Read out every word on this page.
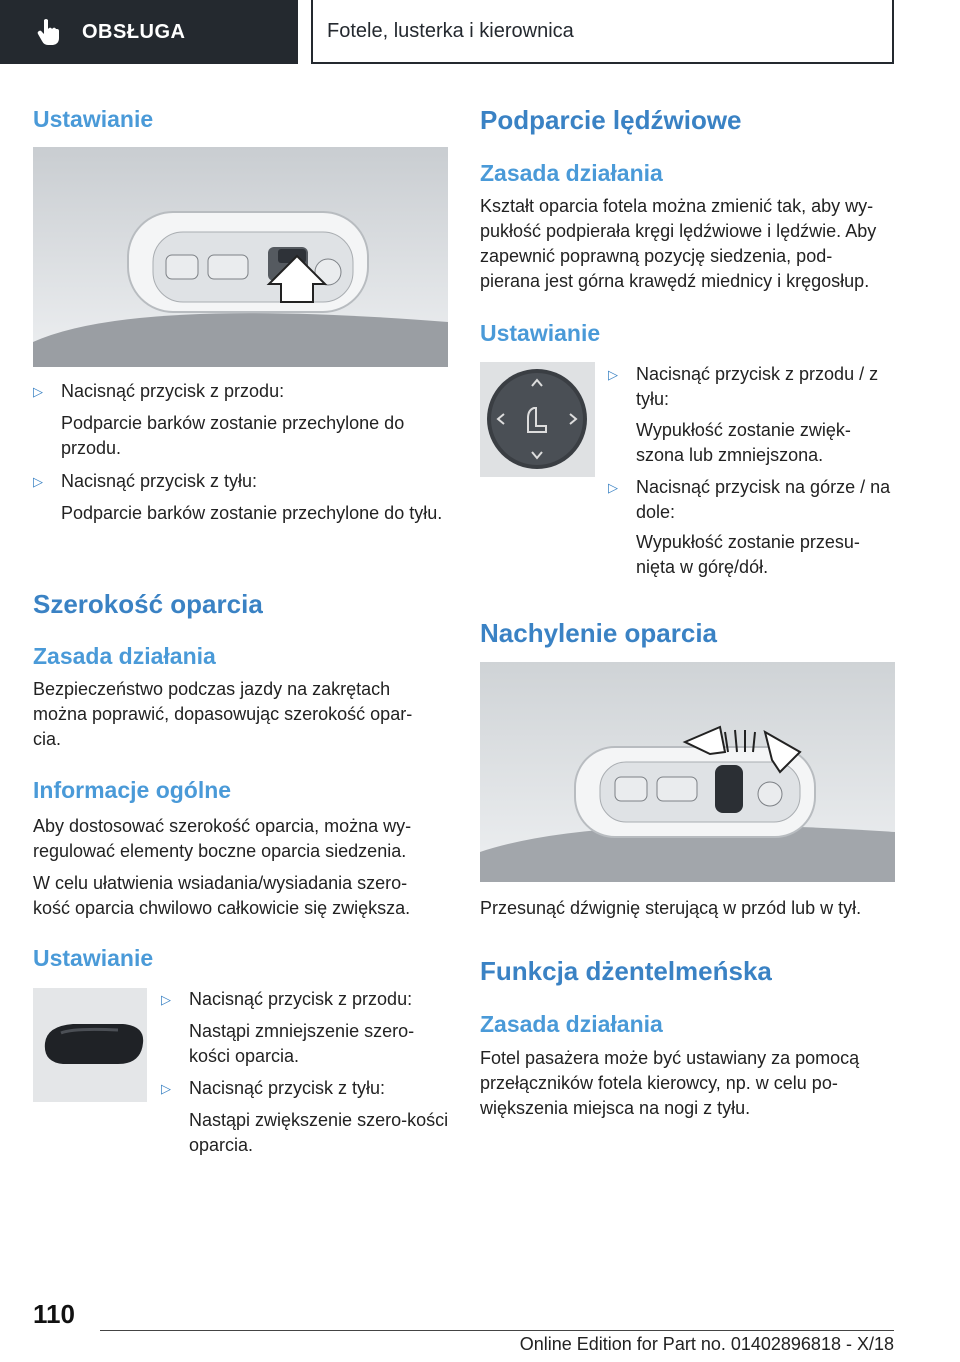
OBSŁUGA	Fotele, lusterka i kierownica
Ustawianie
▷ Nacisnąć przycisk z przodu:
Podparcie barków zostanie przechylone do przodu.
▷ Nacisnąć przycisk z tyłu:
Podparcie barków zostanie przechylone do tyłu.
Szerokość oparcia
Zasada działania

Bezpieczeństwo podczas jazdy na zakrętach można poprawić, dopasowując szerokość opar-cia.

Informacje ogólne

Aby dostosować szerokość oparcia, można wy-regulować elementy boczne oparcia siedzenia.

W celu ułatwienia wsiadania/wysiadania szero-kość oparcia chwilowo całkowicie się zwiększa.

Ustawianie
▷ Nacisnąć przycisk z przodu:
Nastąpi zmniejszenie szero-kości oparcia.
▷ Nacisnąć przycisk z tyłu:
Nastąpi zwiększenie szero-kości oparcia.
Podparcie lędźwiowe
Zasada działania

Kształt oparcia fotela można zmienić tak, aby wy-pukłość podpierała kręgi lędźwiowe i lędźwie. Aby zapewnić poprawną pozycję siedzenia, pod-pierana jest górna krawędź miednicy i kręgosłup.

Ustawianie
▷ Nacisnąć przycisk z przodu / z tyłu:
Wypukłość zostanie zwięk-szona lub zmniejszona.
▷ Nacisnąć przycisk na górze / na dole:
Wypukłość zostanie przesu-nięta w górę/dół.
Nachylenie oparcia

Przesunąć dźwignię sterującą w przód lub w tył.

Funkcja dżentelmeńska
Zasada działania

Fotel pasażera może być ustawiany za pomocą przełączników fotela kierowcy, np. w celu po-większenia miejsca na nogi z tyłu.

110
Online Edition for Part no. 01402896818 - X/18
